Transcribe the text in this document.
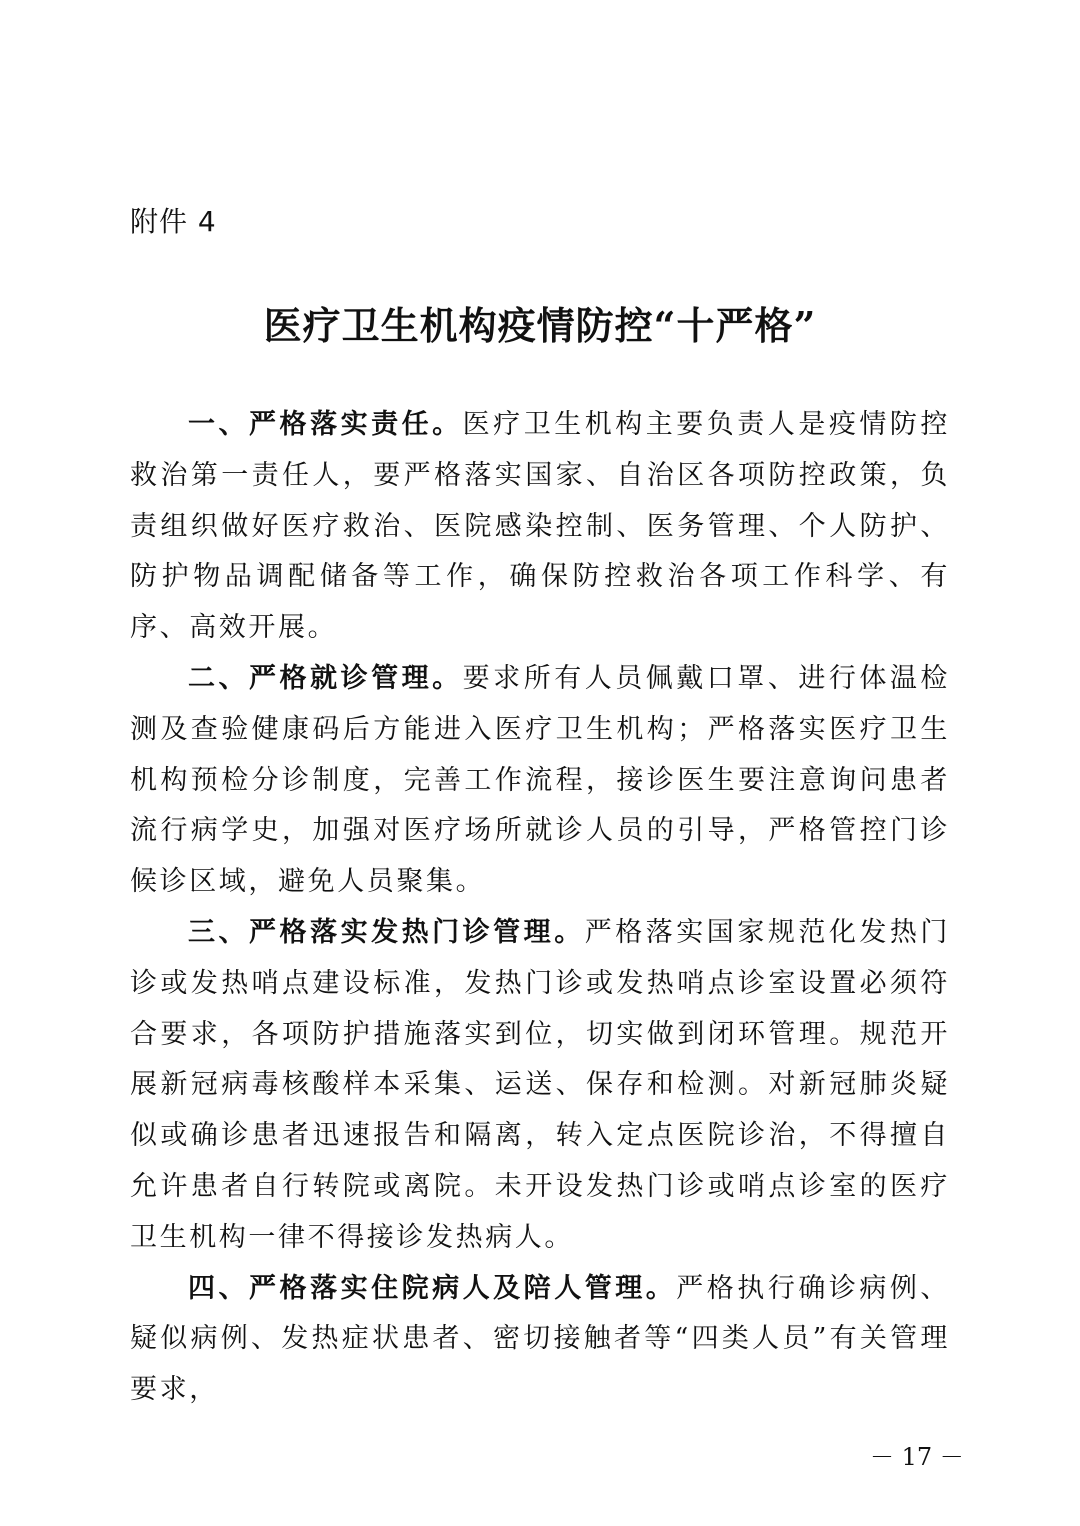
附件 4
医疗卫生机构疫情防控“十严格”

一、严格落实责任。医疗卫生机构主要负责人是疫情防控救治第一责任人，要严格落实国家、自治区各项防控政策，负责组织做好医疗救治、医院感染控制、医务管理、个人防护、防护物品调配储备等工作，确保防控救治各项工作科学、有序、高效开展。

二、严格就诊管理。要求所有人员佩戴口罩、进行体温检测及查验健康码后方能进入医疗卫生机构；严格落实医疗卫生机构预检分诊制度，完善工作流程，接诊医生要注意询问患者流行病学史，加强对医疗场所就诊人员的引导，严格管控门诊候诊区域，避免人员聚集。

三、严格落实发热门诊管理。严格落实国家规范化发热门诊或发热哨点建设标准，发热门诊或发热哨点诊室设置必须符合要求，各项防护措施落实到位，切实做到闭环管理。规范开展新冠病毒核酸样本采集、运送、保存和检测。对新冠肺炎疑似或确诊患者迅速报告和隔离，转入定点医院诊治，不得擅自允许患者自行转院或离院。未开设发热门诊或哨点诊室的医疗卫生机构一律不得接诊发热病人。

四、严格落实住院病人及陪人管理。严格执行确诊病例、疑似病例、发热症状患者、密切接触者等“四类人员”有关管理要求，

－ 17 －
